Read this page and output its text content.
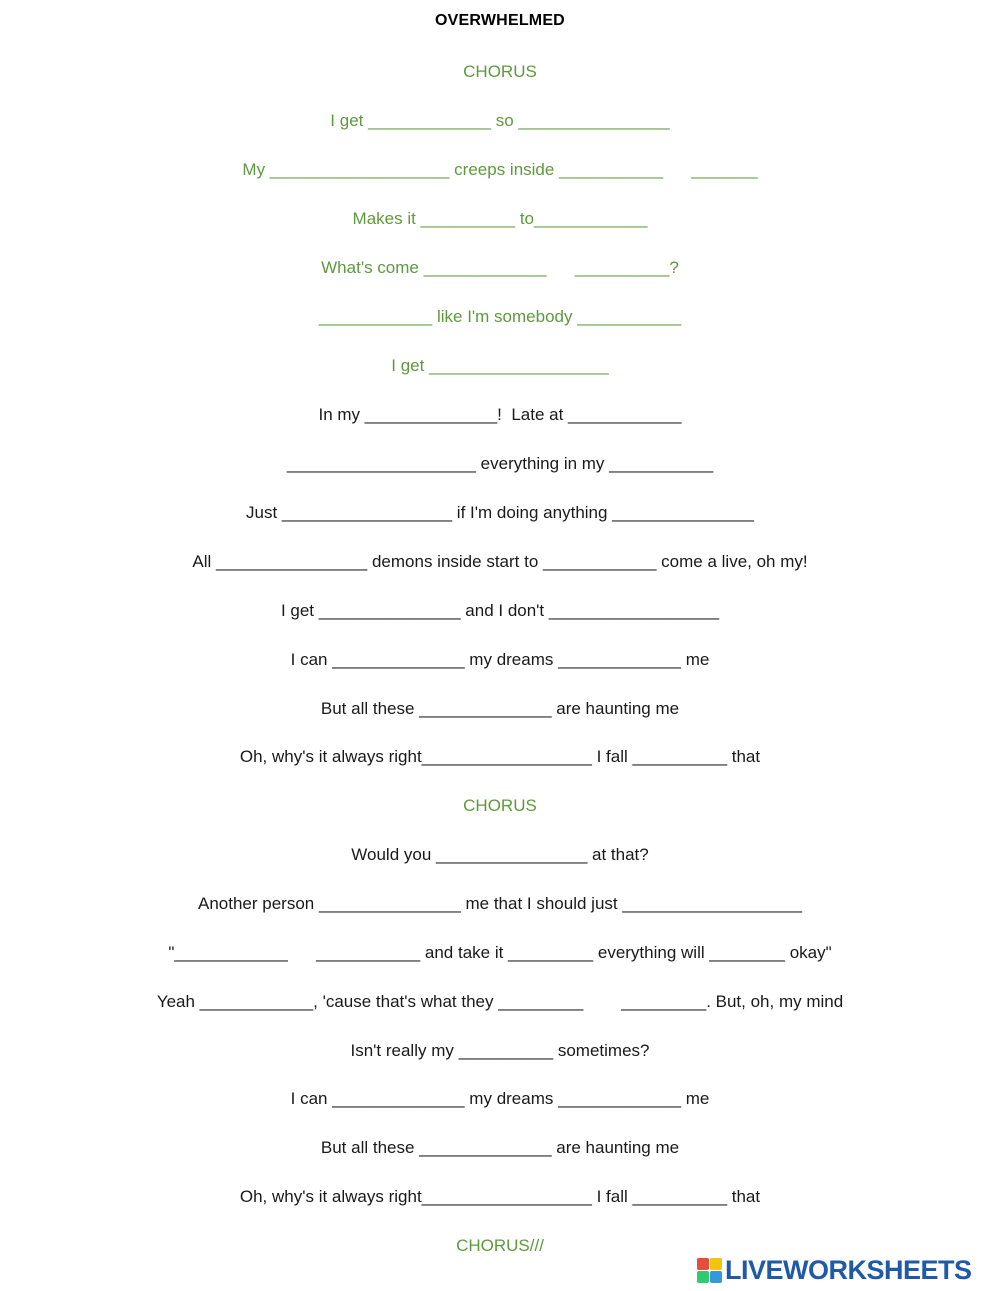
OVERWHELMED
CHORUS
I get _____________ so ________________
My ___________________ creeps inside ___________      _______
Makes it __________ to____________
What's come _____________      __________?
____________ like I'm somebody ___________
I get ___________________
In my ______________!  Late at ____________
____________________ everything in my ___________
Just __________________ if I'm doing anything _______________
All ________________ demons inside start to ____________ come a live, oh my!
I get _______________ and I don't __________________
I can ______________ my dreams _____________ me
But all these ______________ are haunting me
Oh, why's it always right__________________ I fall __________ that
CHORUS
Would you ________________ at that?
Another person _______________ me that I should just ___________________
"____________      ___________ and take it _________ everything will ________ okay"
Yeah ____________, 'cause that's what they _________        _________. But, oh, my mind
Isn't really my __________ sometimes?
I can ______________ my dreams _____________ me
But all these ______________ are haunting me
Oh, why's it always right__________________ I fall __________ that
CHORUS///
LIVEWORKSHEETS
